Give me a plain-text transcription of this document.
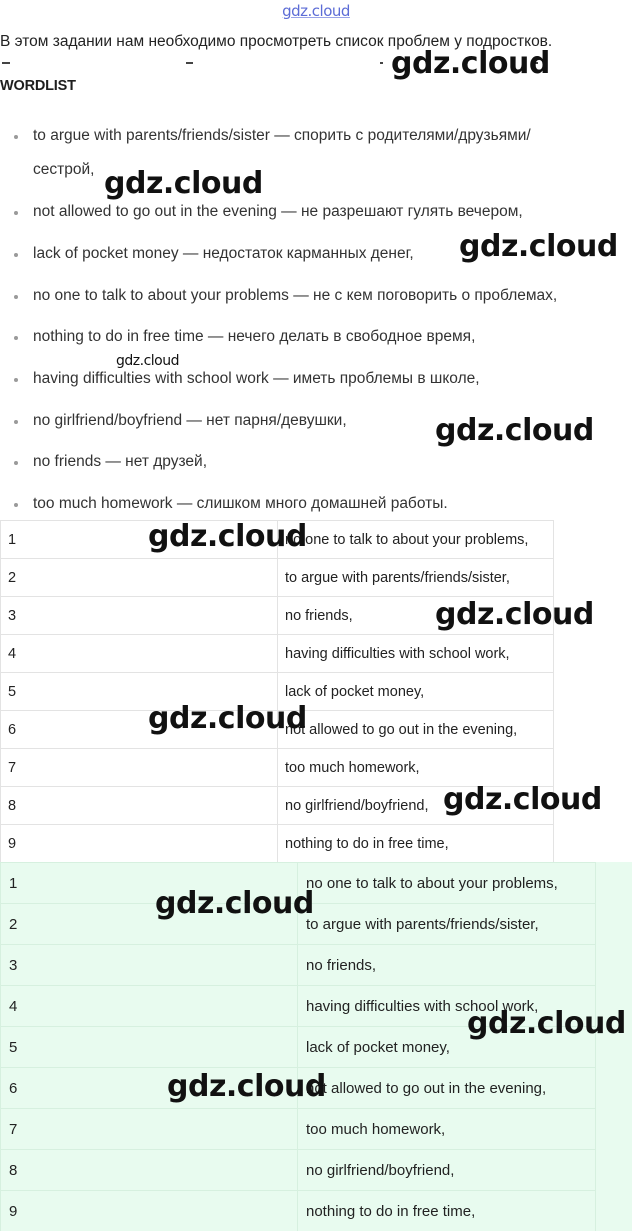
gdz.cloud
В этом задании нам необходимо просмотреть список проблем у подростков.
WORDLIST
to argue with parents/friends/sister — спорить с родителями/друзьями/
сестрой,
not allowed to go out in the evening — не разрешают гулять вечером,
lack of pocket money — недостаток карманных денег,
no one to talk to about your problems — не с кем поговорить о проблемах,
nothing to do in free time — нечего делать в свободное время,
having difficulties with school work — иметь проблемы в школе,
no girlfriend/boyfriend — нет парня/девушки,
no friends — нет друзей,
too much homework — слишком много домашней работы.
1	no one to talk to about your problems,
2	to argue with parents/friends/sister,
3	no friends,
4	having difficulties with school work,
5	lack of pocket money,
6	not allowed to go out in the evening,
7	too much homework,
8	no girlfriend/boyfriend,
9	nothing to do in free time,
1	no one to talk to about your problems,
2	to argue with parents/friends/sister,
3	no friends,
4	having difficulties with school work,
5	lack of pocket money,
6	not allowed to go out in the evening,
7	too much homework,
8	no girlfriend/boyfriend,
9	nothing to do in free time,
gdz.cloud
gdz.cloud
gdz.cloud
gdz.cloud
gdz.cloud
gdz.cloud
gdz.cloud
gdz.cloud
gdz.cloud
gdz.cloud
gdz.cloud
gdz.cloud
